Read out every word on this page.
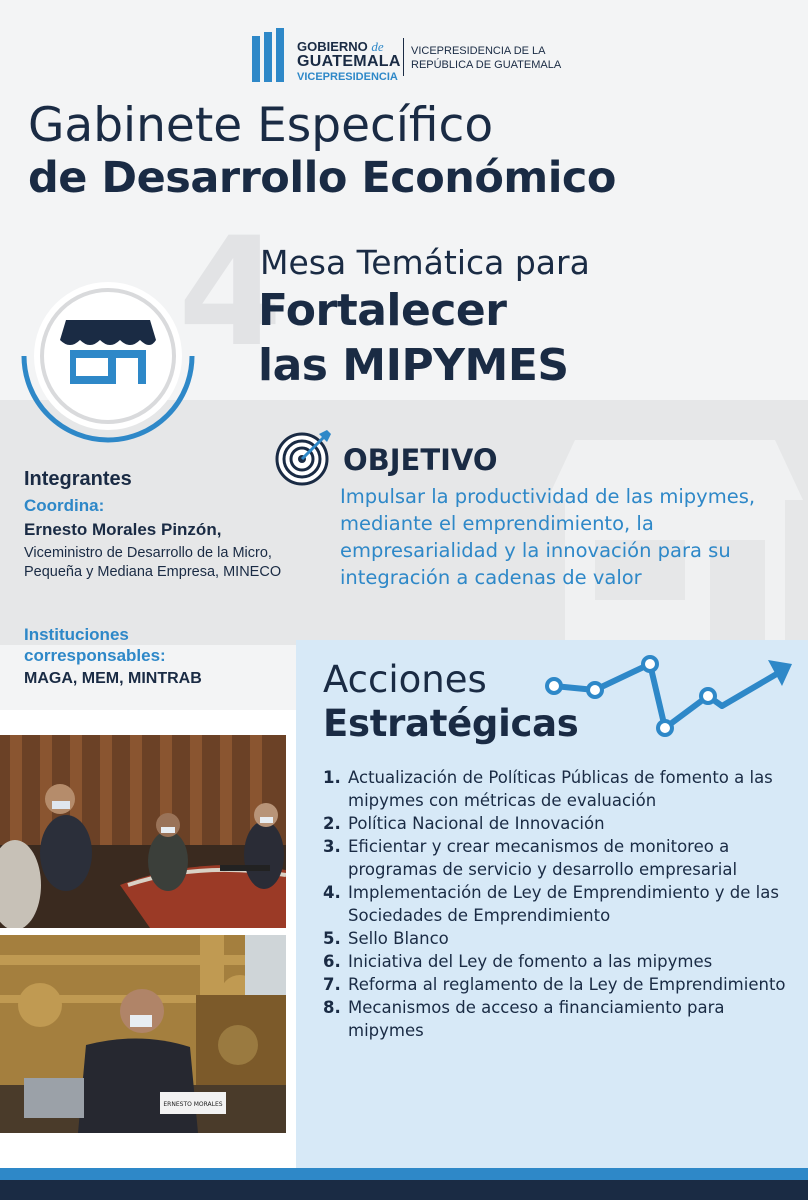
GOBIERNO de
GUATEMALA
VICEPRESIDENCIA
VICEPRESIDENCIA DE LA
REPÚBLICA DE GUATEMALA
Gabinete Específico
de Desarrollo Económico
4
Mesa Temática para
Fortalecer
las MIPYMES
Integrantes
Coordina:
Ernesto Morales Pinzón,
Viceministro de Desarrollo de la Micro, Pequeña y Mediana Empresa, MINECO
Instituciones corresponsables:
MAGA, MEM, MINTRAB
OBJETIVO
Impulsar la productividad de las mipymes, mediante el emprendimiento, la empresarialidad y la innovación para su integración a cadenas de valor
Acciones
Estratégicas
1. Actualización de Políticas Públicas de fomento a las mipymes con métricas de evaluación
2. Política Nacional de Innovación
3. Eficientar y crear mecanismos de monitoreo a programas de servicio y desarrollo empresarial
4. Implementación de Ley de Emprendimiento y de las Sociedades de Emprendimiento
5. Sello Blanco
6. Iniciativa del Ley de fomento a las mipymes
7. Reforma al reglamento de la Ley de Emprendimiento
8. Mecanismos de acceso a financiamiento para mipymes
ERNESTO MORALES
